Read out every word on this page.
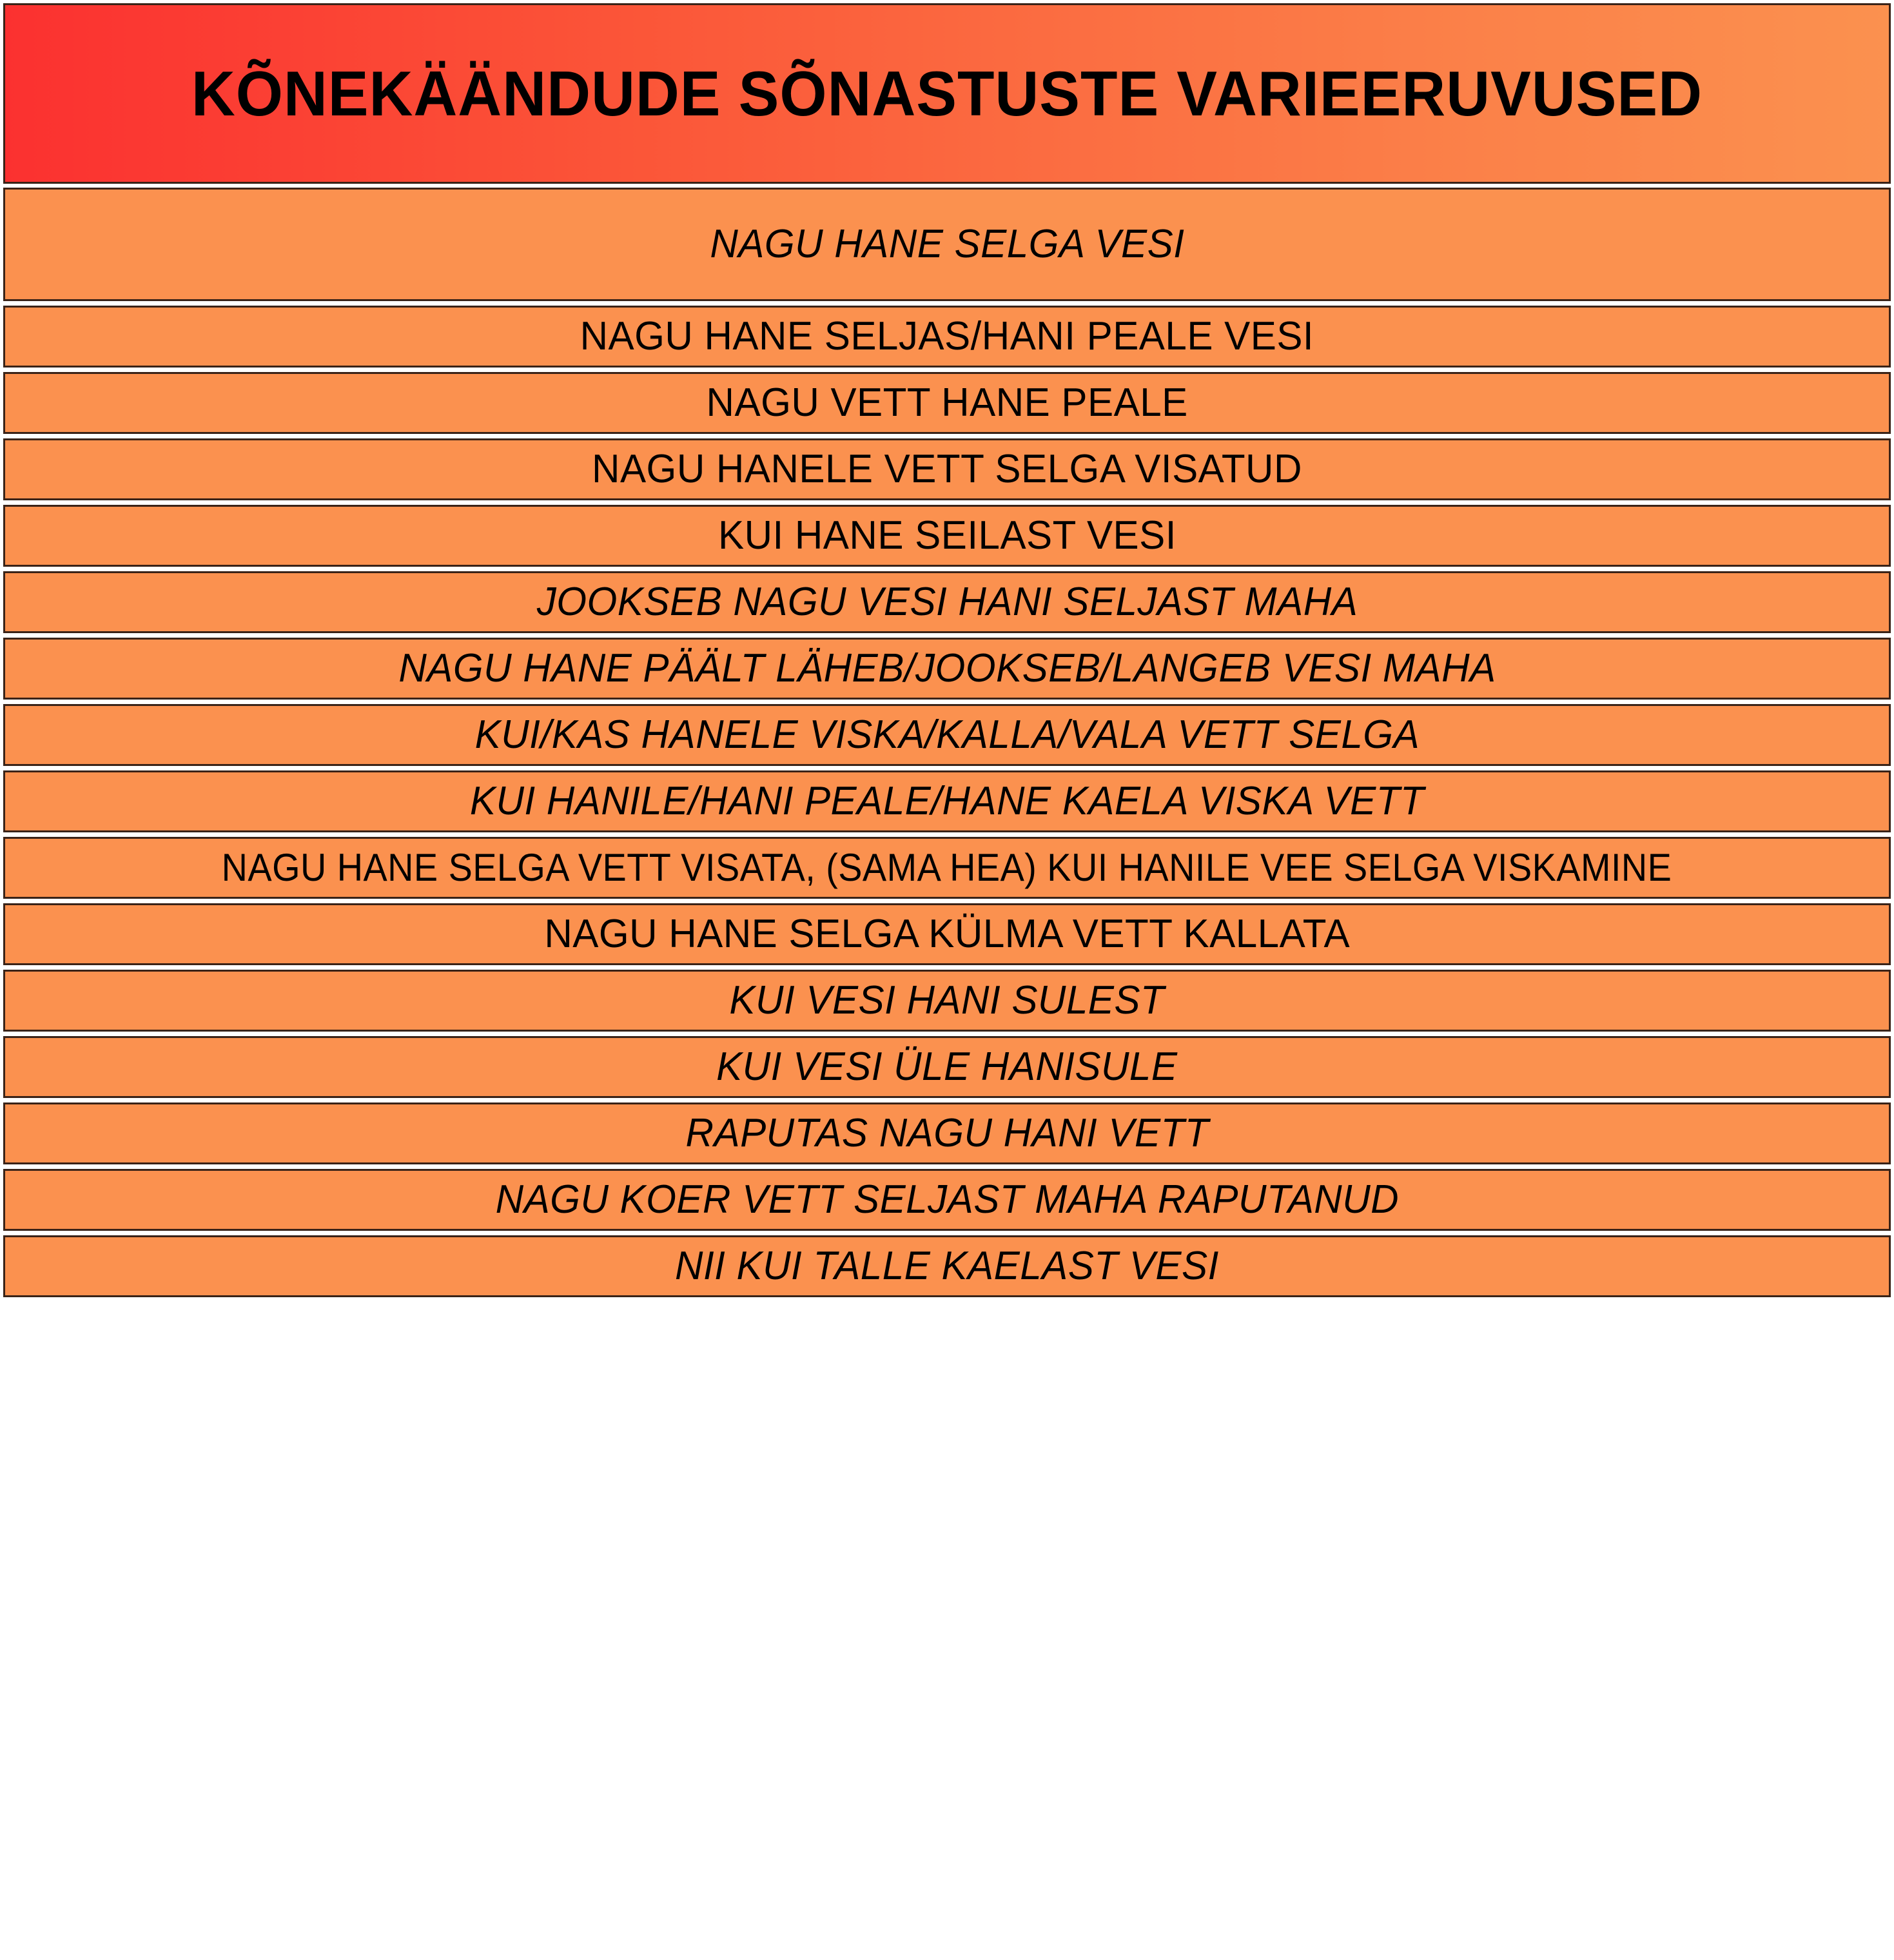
KÕNEKÄÄNDUDE SÕNASTUSTE VARIEERUVUSED
NAGU HANE SELGA VESI
NAGU HANE SELJAS/HANI PEALE VESI
NAGU VETT HANE PEALE
NAGU HANELE VETT SELGA VISATUD
KUI HANE SEILAST VESI
JOOKSEB NAGU VESI HANI SELJAST MAHA
NAGU HANE PÄÄLT LÄHEB/JOOKSEB/LANGEB VESI MAHA
KUI/KAS HANELE VISKA/KALLA/VALA VETT SELGA
KUI HANILE/HANI PEALE/HANE KAELA VISKA VETT
NAGU HANE SELGA VETT VISATA, (SAMA HEA) KUI HANILE VEE SELGA VISKAMINE
NAGU HANE SELGA KÜLMA VETT KALLATA
KUI VESI HANI SULEST
KUI VESI ÜLE HANISULE
RAPUTAS NAGU HANI VETT
NAGU KOER VETT SELJAST MAHA RAPUTANUD
NII KUI TALLE KAELAST VESI
